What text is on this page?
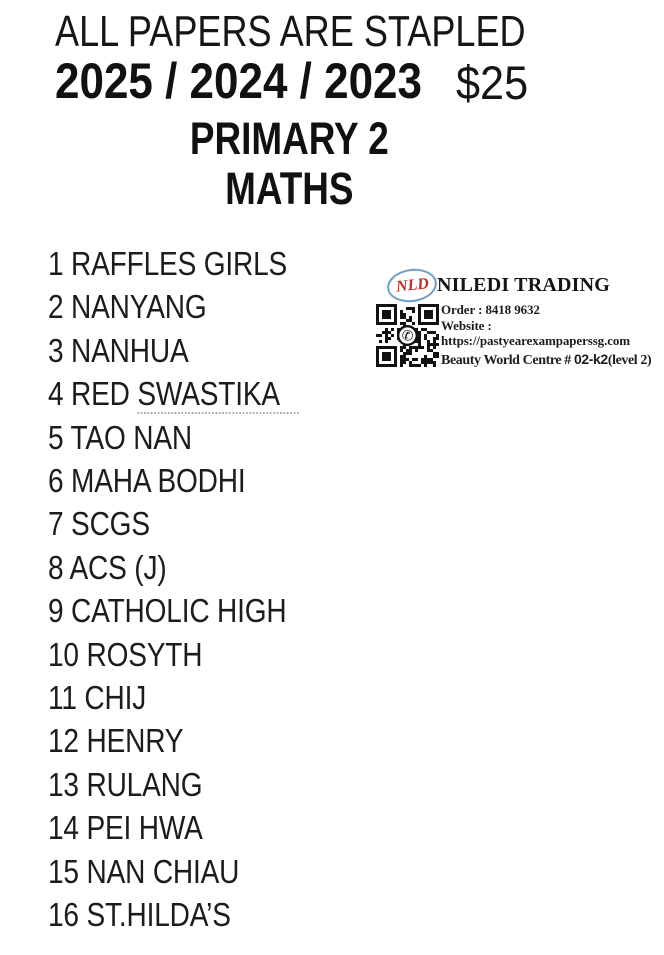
ALL PAPERS ARE STAPLED
2025 / 2024 / 2023 $25
PRIMARY 2
MATHS
1 RAFFLES GIRLS
2 NANYANG
3 NANHUA
4 RED SWASTIKA
5 TAO NAN
6 MAHA BODHI
7 SCGS
8 ACS (J)
9 CATHOLIC HIGH
10 ROSYTH
11 CHIJ
12 HENRY
13 RULANG
14 PEI HWA
15 NAN CHIAU
16 ST.HILDA’S
NLD NILEDI TRADING
✆
Order : 8418 9632
Website :
https://pastyearexampaperssg.com
Beauty World Centre # 02-k2(level 2)
